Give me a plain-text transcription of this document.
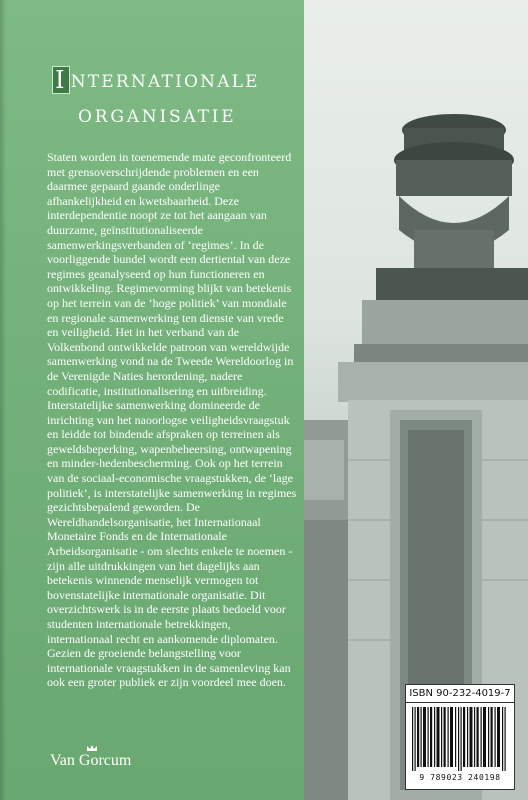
I NTERNATIONALE
ORGANISATIE

Staten worden in toenemende mate geconfronteerd met grensoverschrijdende problemen en een daarmee gepaard gaande onderlinge afhankelijkheid en kwetsbaarheid. Deze interdependentie noopt ze tot het aangaan van duurzame, geïnstitutionaliseerde samenwerkingsverbanden of ‘regimes’. In de voorliggende bundel wordt een dertiental van deze regimes geanalyseerd op hun functioneren en ontwikkeling. Regimevorming blijkt van betekenis op het terrein van de ‘hoge politiek’ van mondiale en regionale samenwerking ten dienste van vrede en veiligheid. Het in het verband van de Volkenbond ontwikkelde patroon van wereldwijde samenwerking vond na de Tweede Wereldoorlog in de Verenigde Naties herordening, nadere codificatie, institutionalisering en uitbreiding. Interstatelijke samenwerking domineerde de inrichting van het naoorlogse veiligheidsvraagstuk en leidde tot bindende afspraken op terreinen als geweldsbeperking, wapenbeheersing, ontwapening en minder-hedenbescherming. Ook op het terrein van de sociaal-economische vraagstukken, de ‘lage politiek’, is interstatelijke samenwerking in regimes gezichtsbepalend geworden. De Wereldhandelsorganisatie, het Internationaal Monetaire Fonds en de Internationale Arbeidsorganisatie - om slechts enkele te noemen - zijn alle uitdrukkingen van het dagelijks aan betekenis winnende menselijk vermogen tot bovenstatelijke internationale organisatie. Dit overzichtswerk is in de eerste plaats bedoeld voor studenten internationale betrekkingen, internationaal recht en aankomende diplomaten. Gezien de groeiende belangstelling voor internationale vraagstukken in de samenleving kan ook een groter publiek er zijn voordeel mee doen.

Van Gorcum
ISBN 90-232-4019-7
9 789023 240198
